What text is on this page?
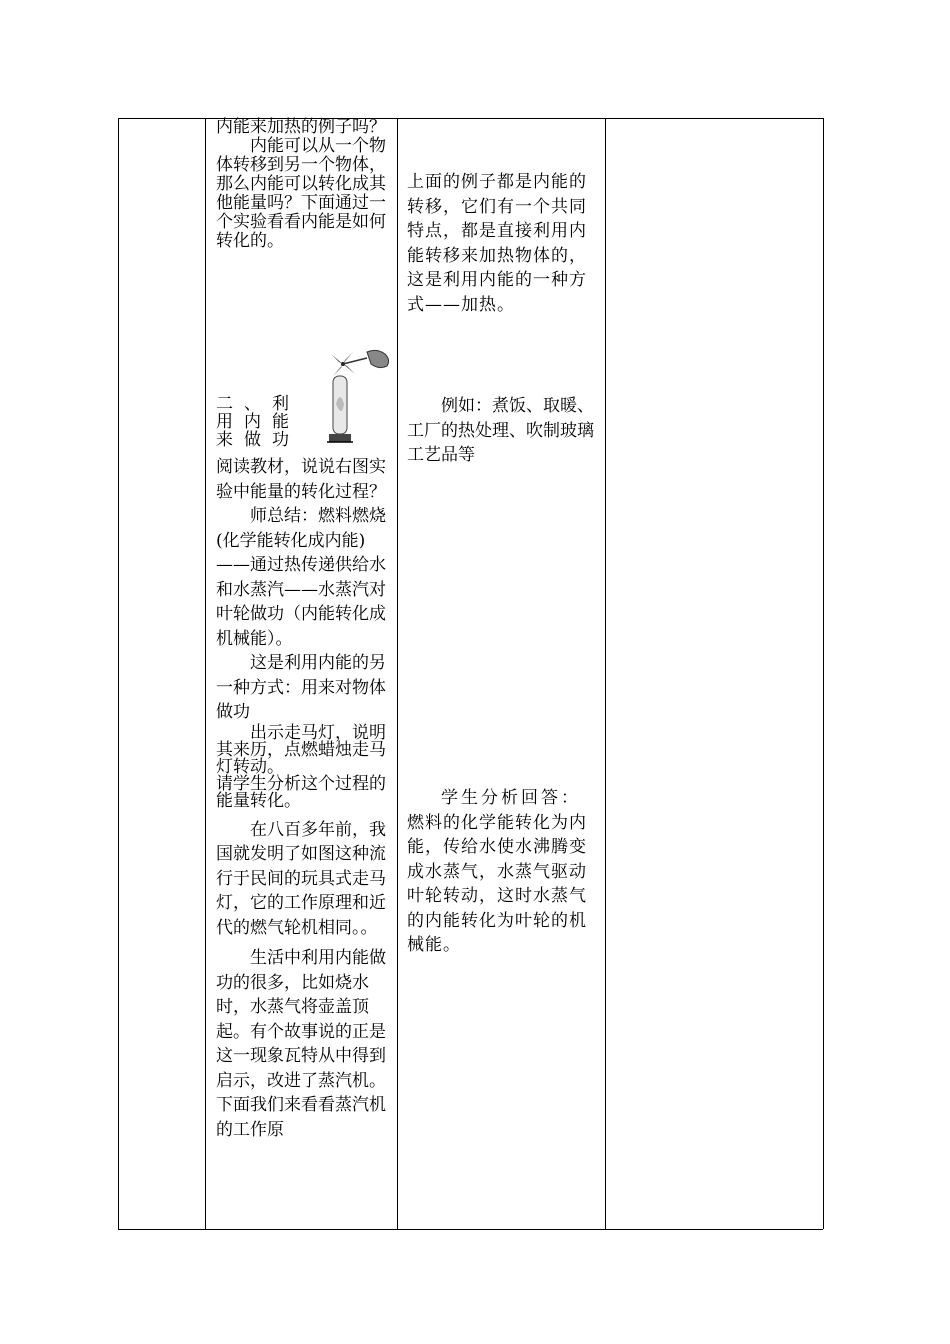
内能来加热的例子吗？

内能可以从一个物体转移到另一个物体，那么内能可以转化成其他能量吗？下面通过一个实验看看内能是如何转化的。

二、利用内能来做功

阅读教材，说说右图实验中能量的转化过程？

师总结：燃料燃烧(化学能转化成内能)——通过热传递供给水和水蒸汽——水蒸汽对叶轮做功（内能转化成机械能）。

这是利用内能的另一种方式：用来对物体做功

出示走马灯，说明其来历，点燃蜡烛走马灯转动。

请学生分析这个过程的能量转化。

在八百多年前，我国就发明了如图这种流行于民间的玩具式走马灯，它的工作原理和近代的燃气轮机相同。。

生活中利用内能做功的很多，比如烧水时，水蒸气将壶盖顶起。有个故事说的正是这一现象瓦特从中得到启示，改进了蒸汽机。下面我们来看看蒸汽机的工作原

上面的例子都是内能的转移，它们有一个共同特点，都是直接利用内能转移来加热物体的，这是利用内能的一种方式——加热。

例如：煮饭、取暖、工厂的热处理、吹制玻璃工艺品等

学生分析回答：

燃料的化学能转化为内能，传给水使水沸腾变成水蒸气，水蒸气驱动叶轮转动，这时水蒸气的内能转化为叶轮的机械能。
